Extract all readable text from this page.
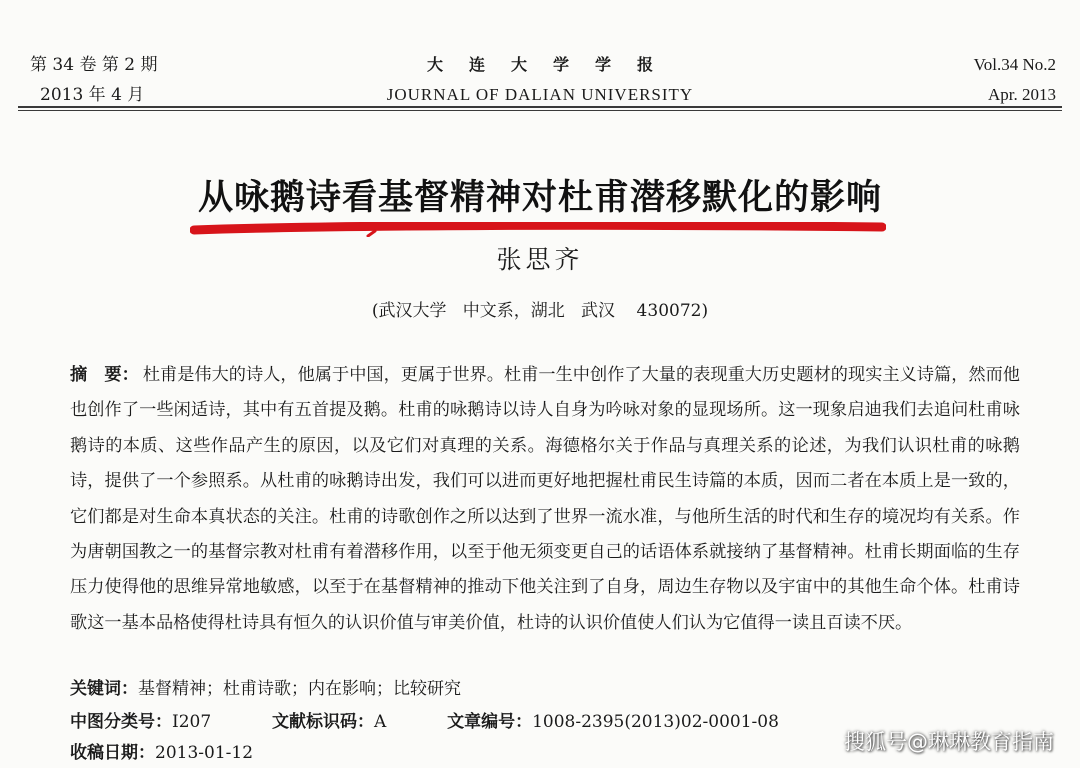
第 34 卷 第 2 期
2013 年 4 月
大连大学学报
JOURNAL OF DALIAN UNIVERSITY
Vol.34 No.2
Apr. 2013
从咏鹅诗看基督精神对杜甫潜移默化的影响
张思齐
(武汉大学   中文系，湖北   武汉    430072)
摘　要： 杜甫是伟大的诗人，他属于中国，更属于世界。杜甫一生中创作了大量的表现重大历史题材的现实主义诗篇，然而他也创作了一些闲适诗，其中有五首提及鹅。杜甫的咏鹅诗以诗人自身为吟咏对象的显现场所。这一现象启迪我们去追问杜甫咏鹅诗的本质、这些作品产生的原因，以及它们对真理的关系。海德格尔关于作品与真理关系的论述，为我们认识杜甫的咏鹅诗，提供了一个参照系。从杜甫的咏鹅诗出发，我们可以进而更好地把握杜甫民生诗篇的本质，因而二者在本质上是一致的，它们都是对生命本真状态的关注。杜甫的诗歌创作之所以达到了世界一流水准，与他所生活的时代和生存的境况均有关系。作为唐朝国教之一的基督宗教对杜甫有着潜移作用，以至于他无须变更自己的话语体系就接纳了基督精神。杜甫长期面临的生存压力使得他的思维异常地敏感，以至于在基督精神的推动下他关注到了自身，周边生存物以及宇宙中的其他生命个体。杜甫诗歌这一基本品格使得杜诗具有恒久的认识价值与审美价值，杜诗的认识价值使人们认为它值得一读且百读不厌。
关键词：基督精神；杜甫诗歌；内在影响；比较研究
中图分类号：I207	文献标识码：A	文章编号：1008-2395(2013)02-0001-08
收稿日期：2013-01-12	搜狐号@琳琳教育指南
